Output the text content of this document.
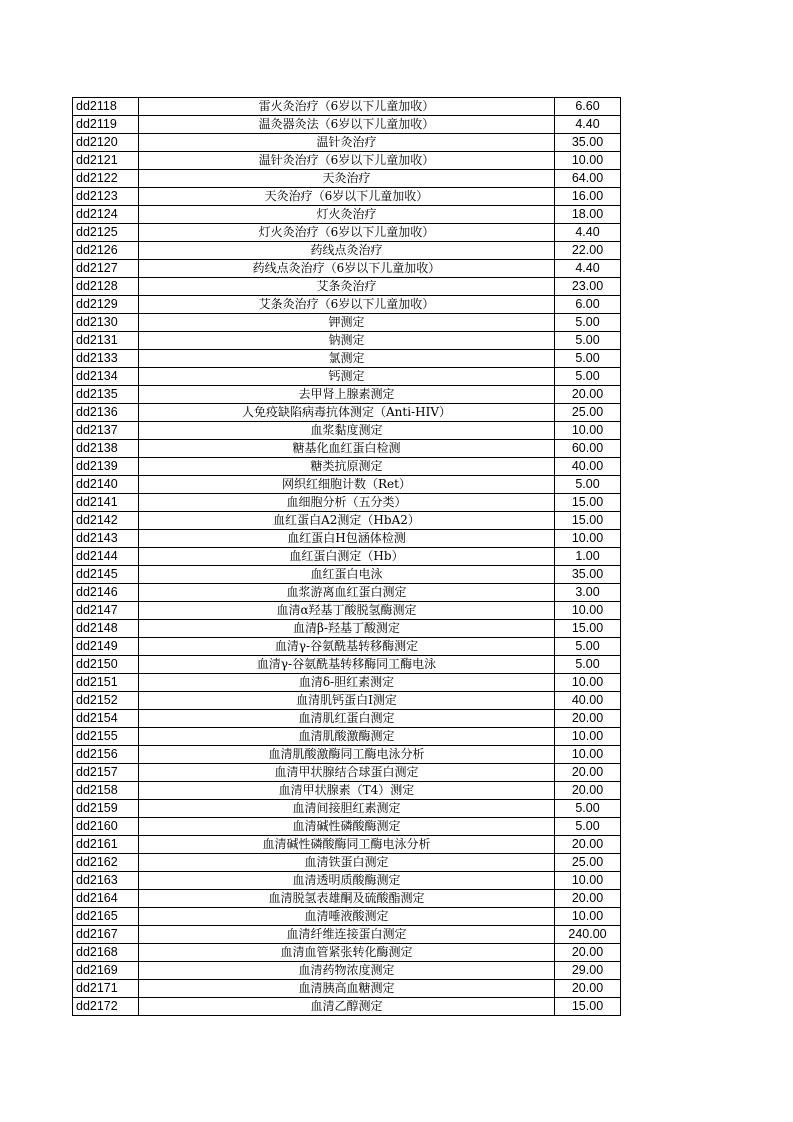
dd2118	雷火灸治疗（6岁以下儿童加收）	6.60
dd2119	温灸器灸法（6岁以下儿童加收）	4.40
dd2120	温针灸治疗	35.00
dd2121	温针灸治疗（6岁以下儿童加收）	10.00
dd2122	天灸治疗	64.00
dd2123	天灸治疗（6岁以下儿童加收）	16.00
dd2124	灯火灸治疗	18.00
dd2125	灯火灸治疗（6岁以下儿童加收）	4.40
dd2126	药线点灸治疗	22.00
dd2127	药线点灸治疗（6岁以下儿童加收）	4.40
dd2128	艾条灸治疗	23.00
dd2129	艾条灸治疗（6岁以下儿童加收）	6.00
dd2130	钾测定	5.00
dd2131	钠测定	5.00
dd2133	氯测定	5.00
dd2134	钙测定	5.00
dd2135	去甲肾上腺素测定	20.00
dd2136	人免疫缺陷病毒抗体测定（Anti-HIV）	25.00
dd2137	血浆黏度测定	10.00
dd2138	糖基化血红蛋白检测	60.00
dd2139	糖类抗原测定	40.00
dd2140	网织红细胞计数（Ret）	5.00
dd2141	血细胞分析（五分类）	15.00
dd2142	血红蛋白A2测定（HbA2）	15.00
dd2143	血红蛋白H包涵体检测	10.00
dd2144	血红蛋白测定（Hb）	1.00
dd2145	血红蛋白电泳	35.00
dd2146	血浆游离血红蛋白测定	3.00
dd2147	血清α羟基丁酸脱氢酶测定	10.00
dd2148	血清β-羟基丁酸测定	15.00
dd2149	血清γ-谷氨酰基转移酶测定	5.00
dd2150	血清γ-谷氨酰基转移酶同工酶电泳	5.00
dd2151	血清δ-胆红素测定	10.00
dd2152	血清肌钙蛋白Ⅰ测定	40.00
dd2154	血清肌红蛋白测定	20.00
dd2155	血清肌酸激酶测定	10.00
dd2156	血清肌酸激酶同工酶电泳分析	10.00
dd2157	血清甲状腺结合球蛋白测定	20.00
dd2158	血清甲状腺素（T4）测定	20.00
dd2159	血清间接胆红素测定	5.00
dd2160	血清碱性磷酸酶测定	5.00
dd2161	血清碱性磷酸酶同工酶电泳分析	20.00
dd2162	血清铁蛋白测定	25.00
dd2163	血清透明质酸酶测定	10.00
dd2164	血清脱氢表雄酮及硫酸酯测定	20.00
dd2165	血清唾液酸测定	10.00
dd2167	血清纤维连接蛋白测定	240.00
dd2168	血清血管紧张转化酶测定	20.00
dd2169	血清药物浓度测定	29.00
dd2171	血清胰高血糖测定	20.00
dd2172	血清乙醇测定	15.00
